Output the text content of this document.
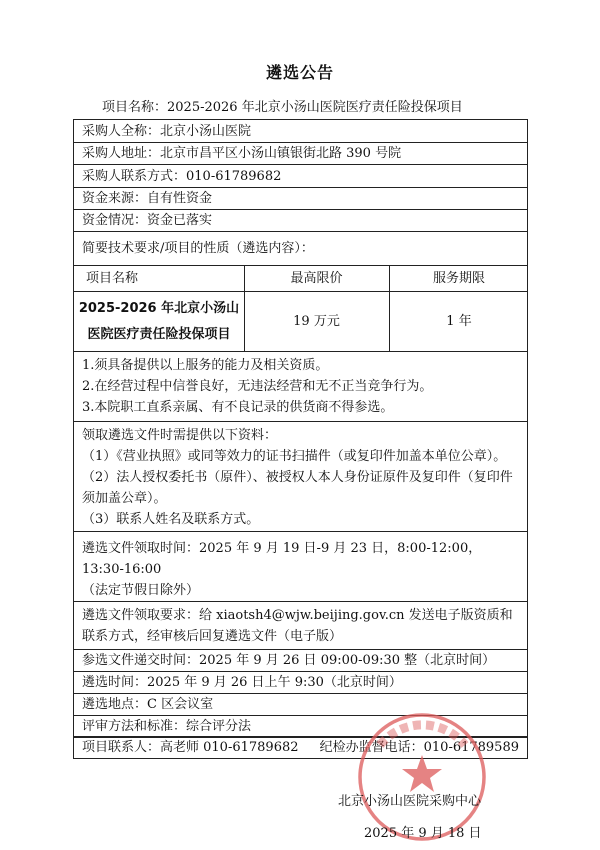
遴选公告
项目名称：2025-2026 年北京小汤山医院医疗责任险投保项目
采购人全称：北京小汤山医院
采购人地址：北京市昌平区小汤山镇银街北路 390 号院
采购人联系方式：010-61789682
资金来源：自有性资金
资金情况：资金已落实
简要技术要求/项目的性质（遴选内容）：
项目名称	最高限价	服务期限
2025-2026 年北京小汤山
医院医疗责任险投保项目
19 万元	1 年
1.须具备提供以上服务的能力及相关资质。
2.在经营过程中信誉良好，无违法经营和无不正当竞争行为。
3.本院职工直系亲属、有不良记录的供货商不得参选。
领取遴选文件时需提供以下资料：
（1）《营业执照》或同等效力的证书扫描件（或复印件加盖本单位公章）。
（2）法人授权委托书（原件）、被授权人本人身份证原件及复印件（复印件须加盖公章）。
（3）联系人姓名及联系方式。
遴选文件领取时间：2025 年 9 月 19 日-9 月 23 日，8:00-12:00，13:30-16:00
（法定节假日除外）
遴选文件领取要求：给 xiaotsh4@wjw.beijing.gov.cn 发送电子版资质和联系方式，经审核后回复遴选文件（电子版）
参选文件递交时间：2025 年 9 月 26 日 09:00-09:30 整（北京时间）
遴选时间：2025 年 9 月 26 日上午 9:30（北京时间）
遴选地点：C 区会议室
评审方法和标准：综合评分法
项目联系人：高老师 010-61789682 纪检办监督电话：010-61789589
北京小汤山医院采购中心
2025 年 9 月 18 日
